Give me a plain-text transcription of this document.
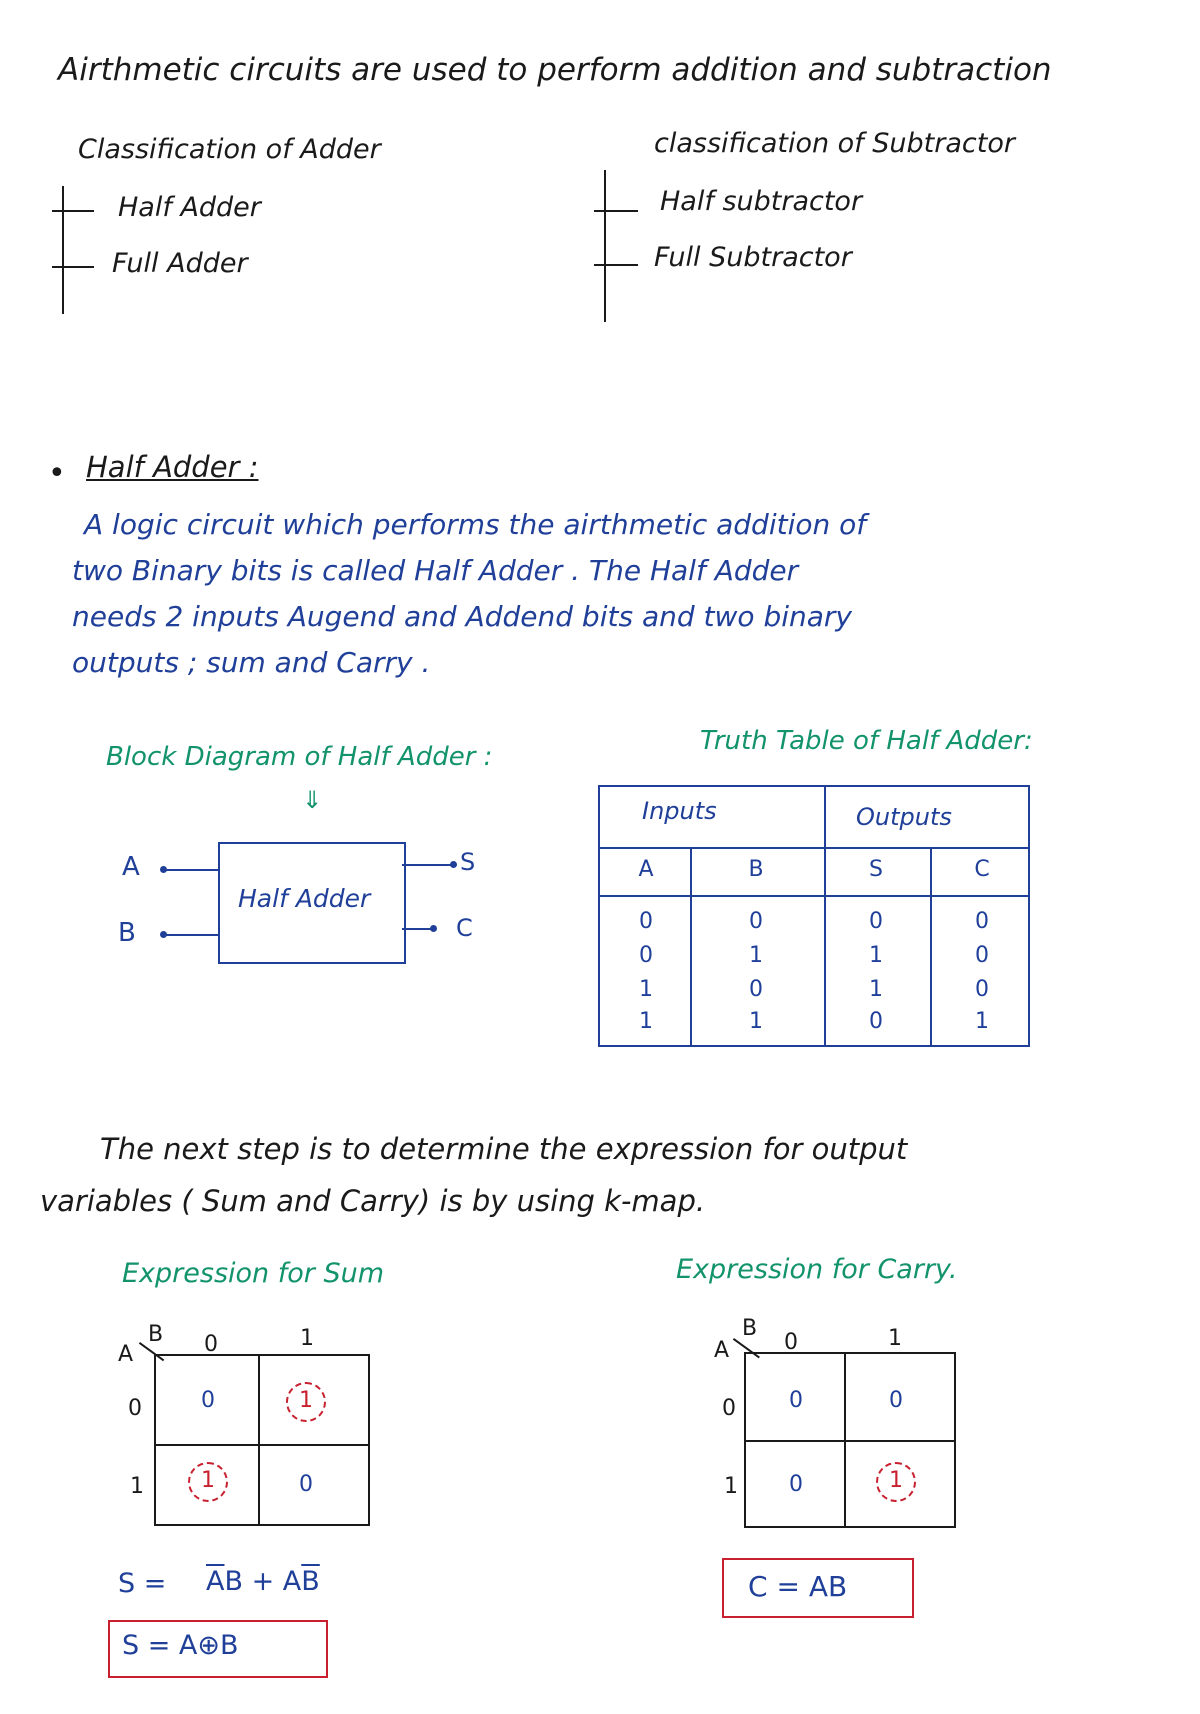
Airthmetic circuits are used to perform addition and subtraction
Classification of Adder
Half Adder
Full Adder
classification of Subtractor
Half subtractor
Full Subtractor
• Half Adder :
A logic circuit which performs the airthmetic addition of
two Binary bits is called Half Adder . The Half Adder
needs 2 inputs Augend and Addend bits and two binary
outputs ; sum and Carry .
Block Diagram of Half Adder :
Truth Table of Half Adder:
⇓
Half Adder
A
B
S
C
Inputs	Outputs
A	B	S	C
0	0	0	0
0	1	1	0
1	0	1	0
1	1	0	1
The next step is to determine the expression for output
variables ( Sum and Carry) is by using k-map.
Expression for Sum	Expression for Carry.
A
B 0	1
0
1
0	1
1	0
$S = \overline{A}B + A\overline{B}$
S = A⊕B
A
B
0	1
0
1
0	0
0	1
C = AB
